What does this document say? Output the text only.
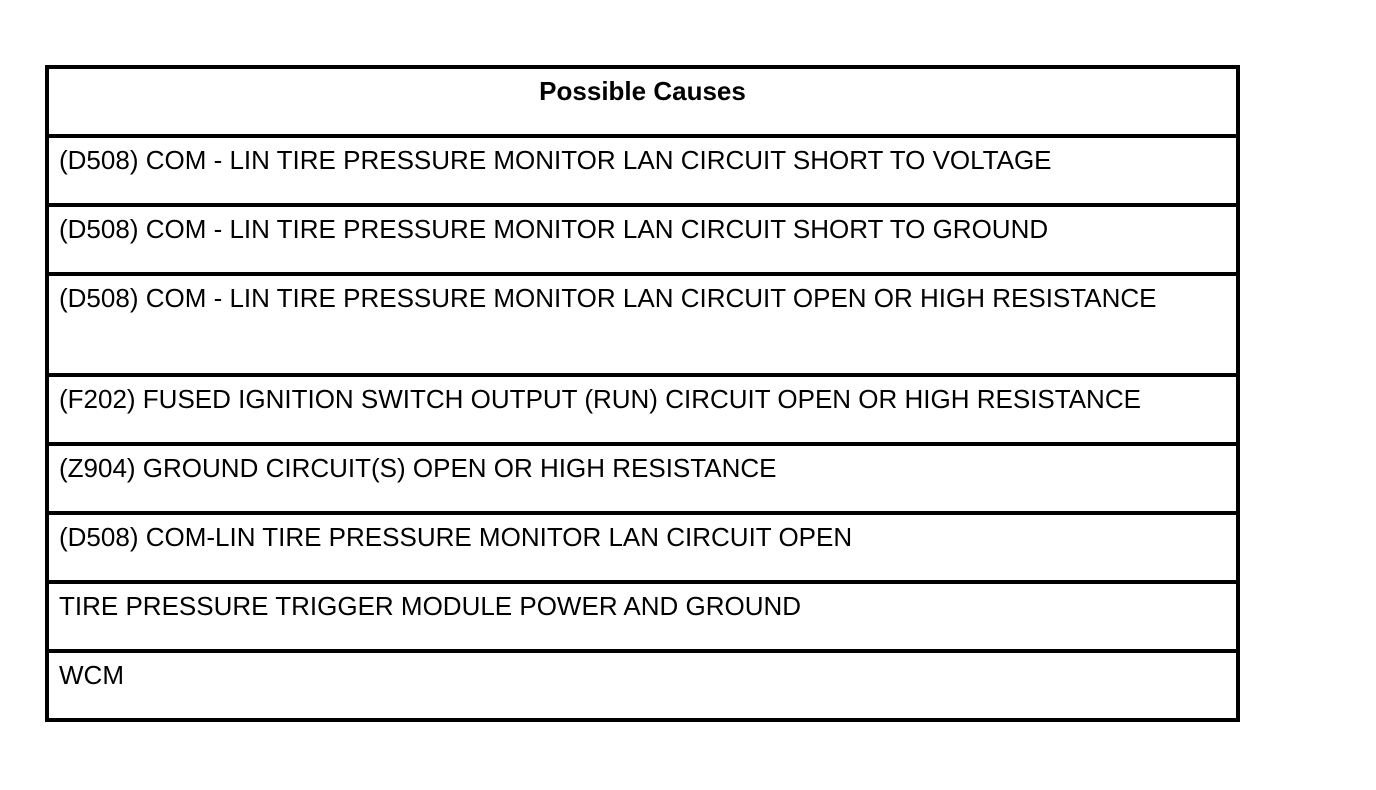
Possible Causes
(D508) COM - LIN TIRE PRESSURE MONITOR LAN CIRCUIT SHORT TO VOLTAGE
(D508) COM - LIN TIRE PRESSURE MONITOR LAN CIRCUIT SHORT TO GROUND
(D508) COM - LIN TIRE PRESSURE MONITOR LAN CIRCUIT OPEN OR HIGH RESISTANCE
(F202) FUSED IGNITION SWITCH OUTPUT (RUN) CIRCUIT OPEN OR HIGH RESISTANCE
(Z904) GROUND CIRCUIT(S) OPEN OR HIGH RESISTANCE
(D508) COM-LIN TIRE PRESSURE MONITOR LAN CIRCUIT OPEN
TIRE PRESSURE TRIGGER MODULE POWER AND GROUND
WCM
